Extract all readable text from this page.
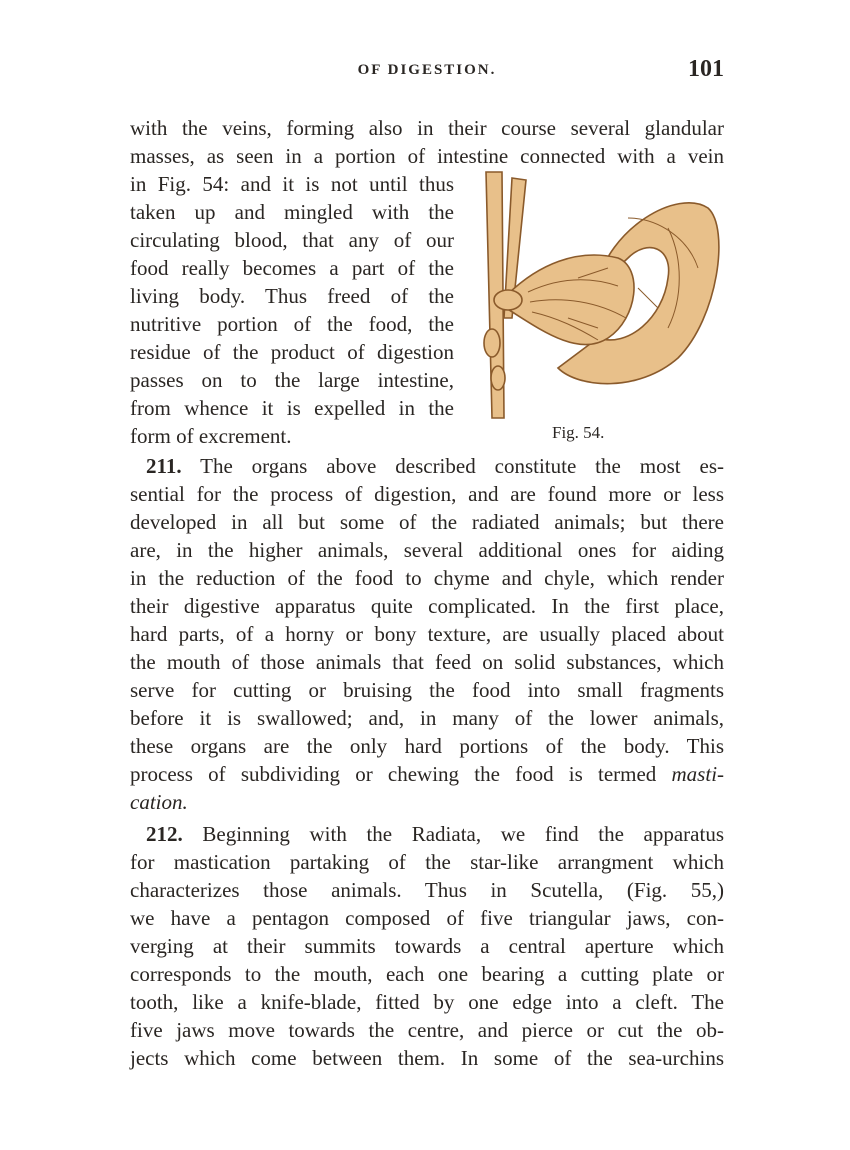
OF DIGESTION.	101
with the veins, forming also in their course several glandular
masses, as seen in a portion of intestine connected with a vein
in Fig. 54: and it is not until thus
taken up and mingled with the
circulating blood, that any of our
food really becomes a part of the
living body. Thus freed of the
nutritive portion of the food, the
residue of the product of digestion
passes on to the large intestine,
from whence it is expelled in the
form of excrement.	Fig. 54.
211. The organs above described constitute the most es-
sential for the process of digestion, and are found more or less
developed in all but some of the radiated animals; but there
are, in the higher animals, several additional ones for aiding
in the reduction of the food to chyme and chyle, which render
their digestive apparatus quite complicated. In the first place,
hard parts, of a horny or bony texture, are usually placed about
the mouth of those animals that feed on solid substances, which
serve for cutting or bruising the food into small fragments
before it is swallowed; and, in many of the lower animals,
these organs are the only hard portions of the body. This
process of subdividing or chewing the food is termed masti-
cation.
212. Beginning with the Radiata, we find the apparatus
for mastication partaking of the star-like arrangment which
characterizes those animals. Thus in Scutella, (Fig. 55,)
we have a pentagon composed of five triangular jaws, con-
verging at their summits towards a central aperture which
corresponds to the mouth, each one bearing a cutting plate or
tooth, like a knife-blade, fitted by one edge into a cleft. The
five jaws move towards the centre, and pierce or cut the ob-
jects which come between them. In some of the sea-urchins
